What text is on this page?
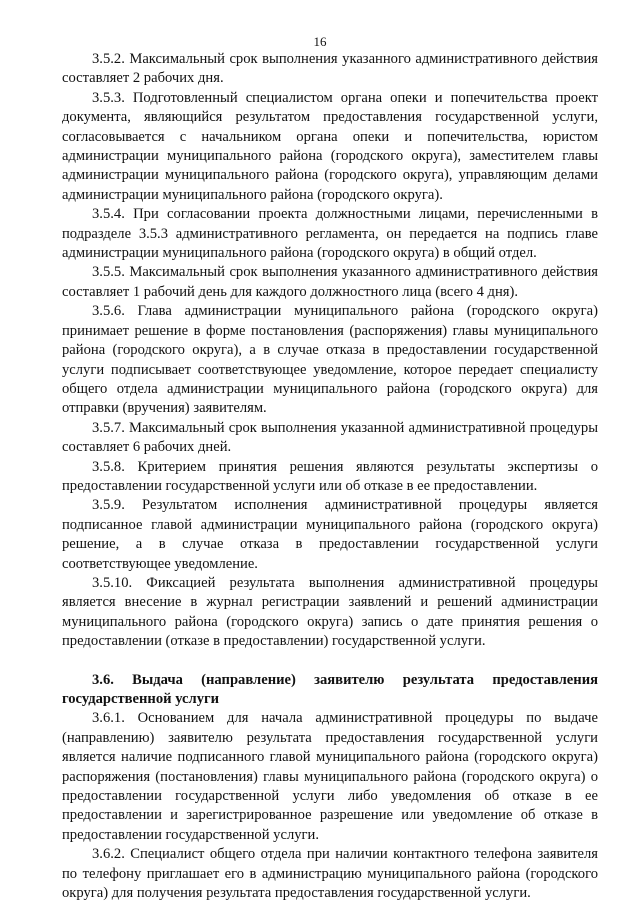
16

3.5.2. Максимальный срок выполнения указанного административного действия составляет 2 рабочих дня.

3.5.3. Подготовленный специалистом органа опеки и попечительства проект документа, являющийся результатом предоставления государственной услуги, согласовывается с начальником органа опеки и попечительства, юристом администрации муниципального района (городского округа), заместителем главы администрации муниципального района (городского округа), управляющим делами администрации муниципального района (городского округа).

3.5.4. При согласовании проекта должностными лицами, перечисленными в подразделе 3.5.3 административного регламента, он передается на подпись главе администрации муниципального района (городского округа) в общий отдел.

3.5.5. Максимальный срок выполнения указанного административного действия составляет 1 рабочий день для каждого должностного лица (всего 4 дня).

3.5.6. Глава администрации муниципального района (городского округа) принимает решение в форме постановления (распоряжения) главы муниципального района (городского округа), а в случае отказа в предоставлении государственной услуги подписывает соответствующее уведомление, которое передает специалисту общего отдела администрации муниципального района (городского округа) для отправки (вручения) заявителям.

3.5.7. Максимальный срок выполнения указанной административной процедуры составляет 6 рабочих дней.

3.5.8. Критерием принятия решения являются результаты экспертизы о предоставлении государственной услуги или об отказе в ее предоставлении.

3.5.9. Результатом исполнения административной процедуры является подписанное главой администрации муниципального района (городского округа) решение, а в случае отказа в предоставлении государственной услуги соответствующее уведомление.

3.5.10. Фиксацией результата выполнения административной процедуры является внесение в журнал регистрации заявлений и решений администрации муниципального района (городского округа) запись о дате принятия решения о предоставлении (отказе в предоставлении) государственной услуги.

3.6. Выдача (направление) заявителю результата предоставления государственной услуги

3.6.1. Основанием для начала административной процедуры по выдаче (направлению) заявителю результата предоставления государственной услуги является наличие подписанного главой муниципального района (городского округа) распоряжения (постановления) главы муниципального района (городского округа) о предоставлении государственной услуги либо уведомления об отказе в ее предоставлении и зарегистрированное разрешение или уведомление об отказе в предоставлении государственной услуги.

3.6.2. Специалист общего отдела при наличии контактного телефона заявителя по телефону приглашает его в администрацию муниципального района (городского округа) для получения результата предоставления государственной услуги.
